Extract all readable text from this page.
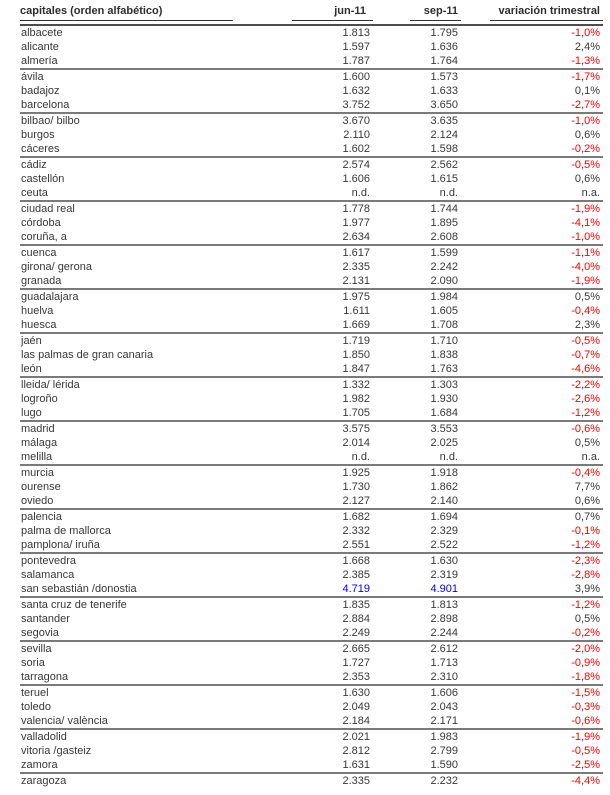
capitales (orden alfabético)	jun-11	sep-11	variación trimestral
albacete	1.813	1.795	-1,0%
alicante	1.597	1.636	2,4%
almería	1.787	1.764	-1,3%
ávila	1.600	1.573	-1,7%
badajoz	1.632	1.633	0,1%
barcelona	3.752	3.650	-2,7%
bilbao/ bilbo	3.670	3.635	-1,0%
burgos	2.110	2.124	0,6%
cáceres	1.602	1.598	-0,2%
cádiz	2.574	2.562	-0,5%
castellón	1.606	1.615	0,6%
ceuta	n.d.	n.d.	n.a.
ciudad real	1.778	1.744	-1,9%
córdoba	1.977	1.895	-4,1%
coruña, a	2.634	2.608	-1,0%
cuenca	1.617	1.599	-1,1%
girona/ gerona	2.335	2.242	-4,0%
granada	2.131	2.090	-1,9%
guadalajara	1.975	1.984	0,5%
huelva	1.611	1.605	-0,4%
huesca	1.669	1.708	2,3%
jaén	1.719	1.710	-0,5%
las palmas de gran canaria	1.850	1.838	-0,7%
león	1.847	1.763	-4,6%
lleida/ lérida	1.332	1.303	-2,2%
logroño	1.982	1.930	-2,6%
lugo	1.705	1.684	-1,2%
madrid	3.575	3.553	-0,6%
málaga	2.014	2.025	0,5%
melilla	n.d.	n.d.	n.a.
murcia	1.925	1.918	-0,4%
ourense	1.730	1.862	7,7%
oviedo	2.127	2.140	0,6%
palencia	1.682	1.694	0,7%
palma de mallorca	2.332	2.329	-0,1%
pamplona/ iruña	2.551	2.522	-1,2%
pontevedra	1.668	1.630	-2,3%
salamanca	2.385	2.319	-2,8%
san sebastián /donostia	4.719	4.901	3,9%
santa cruz de tenerife	1.835	1.813	-1,2%
santander	2.884	2.898	0,5%
segovia	2.249	2.244	-0,2%
sevilla	2.665	2.612	-2,0%
soria	1.727	1.713	-0,9%
tarragona	2.353	2.310	-1,8%
teruel	1.630	1.606	-1,5%
toledo	2.049	2.043	-0,3%
valencia/ valència	2.184	2.171	-0,6%
valladolid	2.021	1.983	-1,9%
vitoria /gasteiz	2.812	2.799	-0,5%
zamora	1.631	1.590	-2,5%
zaragoza	2.335	2.232	-4,4%
